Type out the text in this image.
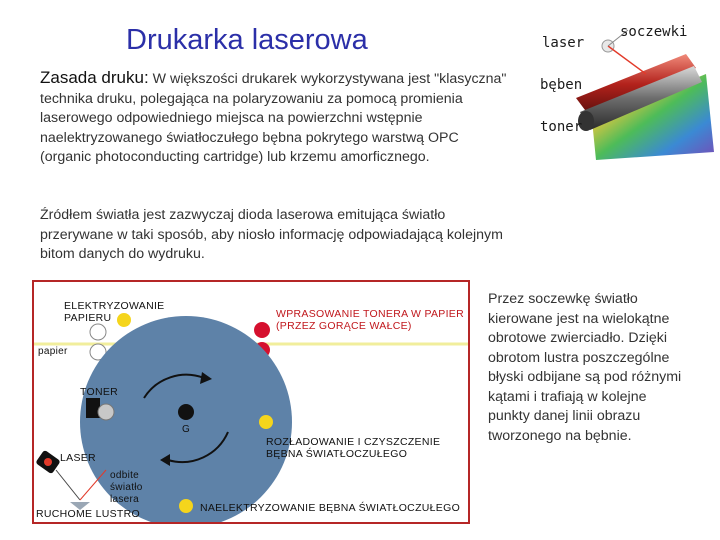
Drukarka laserowa
Zasada druku: W większości drukarek wykorzystywana jest "klasyczna" technika druku, polegająca na polaryzowaniu za pomocą promienia laserowego odpowiedniego miejsca na powierzchni wstępnie naelektryzowanego światłoczułego bębna pokrytego warstwą OPC (organic photoconducting cartridge) lub krzemu amorficznego.
Źródłem światła jest zazwyczaj dioda laserowa emitująca światło przerywane w taki sposób, aby niosło informację odpowiadającą kolejnym bitom danych do wydruku.
Przez soczewkę światło kierowane jest na wielokątne obrotowe zwierciadło. Dzięki obrotom lustra poszczególne błyski odbijane są pod różnymi kątami i trafiają w kolejne punkty danej linii obrazu tworzonego na bębnie.
laser
soczewki
bęben
toner
ELEKTRYZOWANIE
PAPIERU
papier
WPRASOWANIE TONERA W PAPIER
(PRZEZ GORĄCE WAŁCE)
TONER
LASER
odbite
światło
lasera
RUCHOME LUSTRO
ROZŁADOWANIE I CZYSZCZENIE
BĘBNA ŚWIATŁOCZUŁEGO
NAELEKTRYZOWANIE BĘBNA ŚWIATŁOCZUŁEGO
G
